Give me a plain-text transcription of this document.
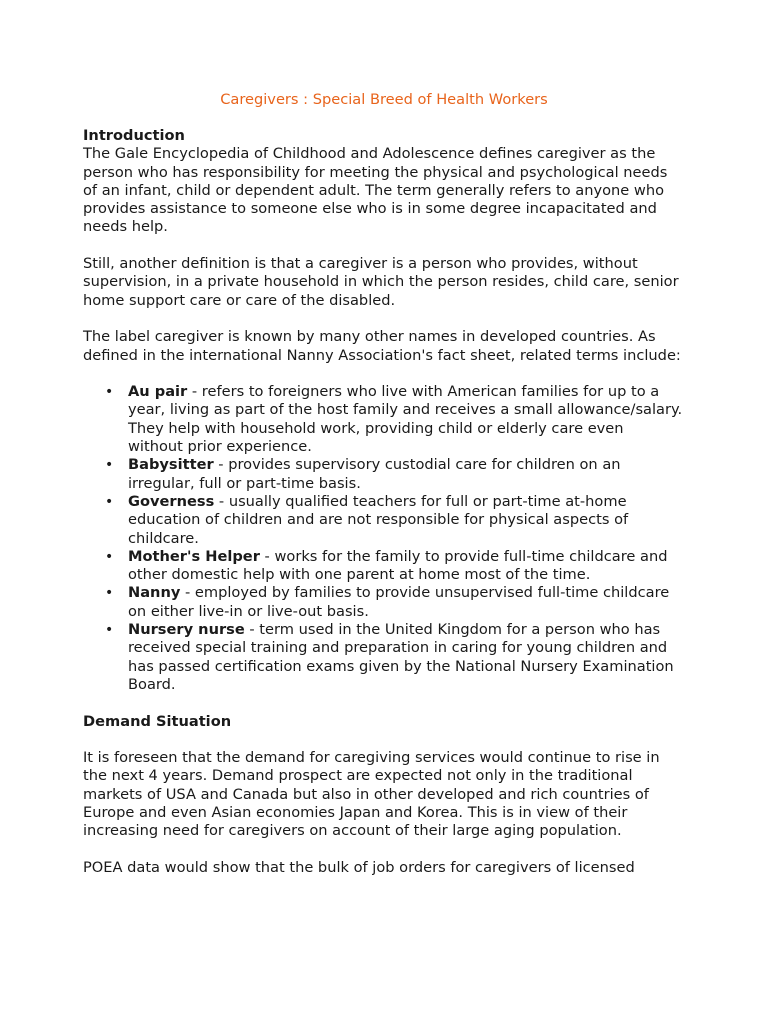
Caregivers : Special Breed of Health Workers
Introduction

The Gale Encyclopedia of Childhood and Adolescence defines caregiver as the person who has responsibility for meeting the physical and psychological needs of an infant, child or dependent adult. The term generally refers to anyone who provides assistance to someone else who is in some degree incapacitated and needs help.

Still, another definition is that a caregiver is a person who provides, without supervision, in a private household in which the person resides, child care, senior home support care or care of the disabled.

The label caregiver is known by many other names in developed countries. As defined in the international Nanny Association's fact sheet, related terms include:

• Au pair - refers to foreigners who live with American families for up to a year, living as part of the host family and receives a small allowance/salary. They help with household work, providing child or elderly care even without prior experience.
• Babysitter - provides supervisory custodial care for children on an irregular, full or part-time basis.
• Governess - usually qualified teachers for full or part-time at-home education of children and are not responsible for physical aspects of childcare.
• Mother's Helper - works for the family to provide full-time childcare and other domestic help with one parent at home most of the time.
• Nanny - employed by families to provide unsupervised full-time childcare on either live-in or live-out basis.
• Nursery nurse - term used in the United Kingdom for a person who has received special training and preparation in caring for young children and has passed certification exams given by the National Nursery Examination Board.
Demand Situation

It is foreseen that the demand for caregiving services would continue to rise in the next 4 years. Demand prospect are expected not only in the traditional markets of USA and Canada but also in other developed and rich countries of Europe and even Asian economies Japan and Korea. This is in view of their increasing need for caregivers on account of their large aging population.

POEA data would show that the bulk of job orders for caregivers of licensed
